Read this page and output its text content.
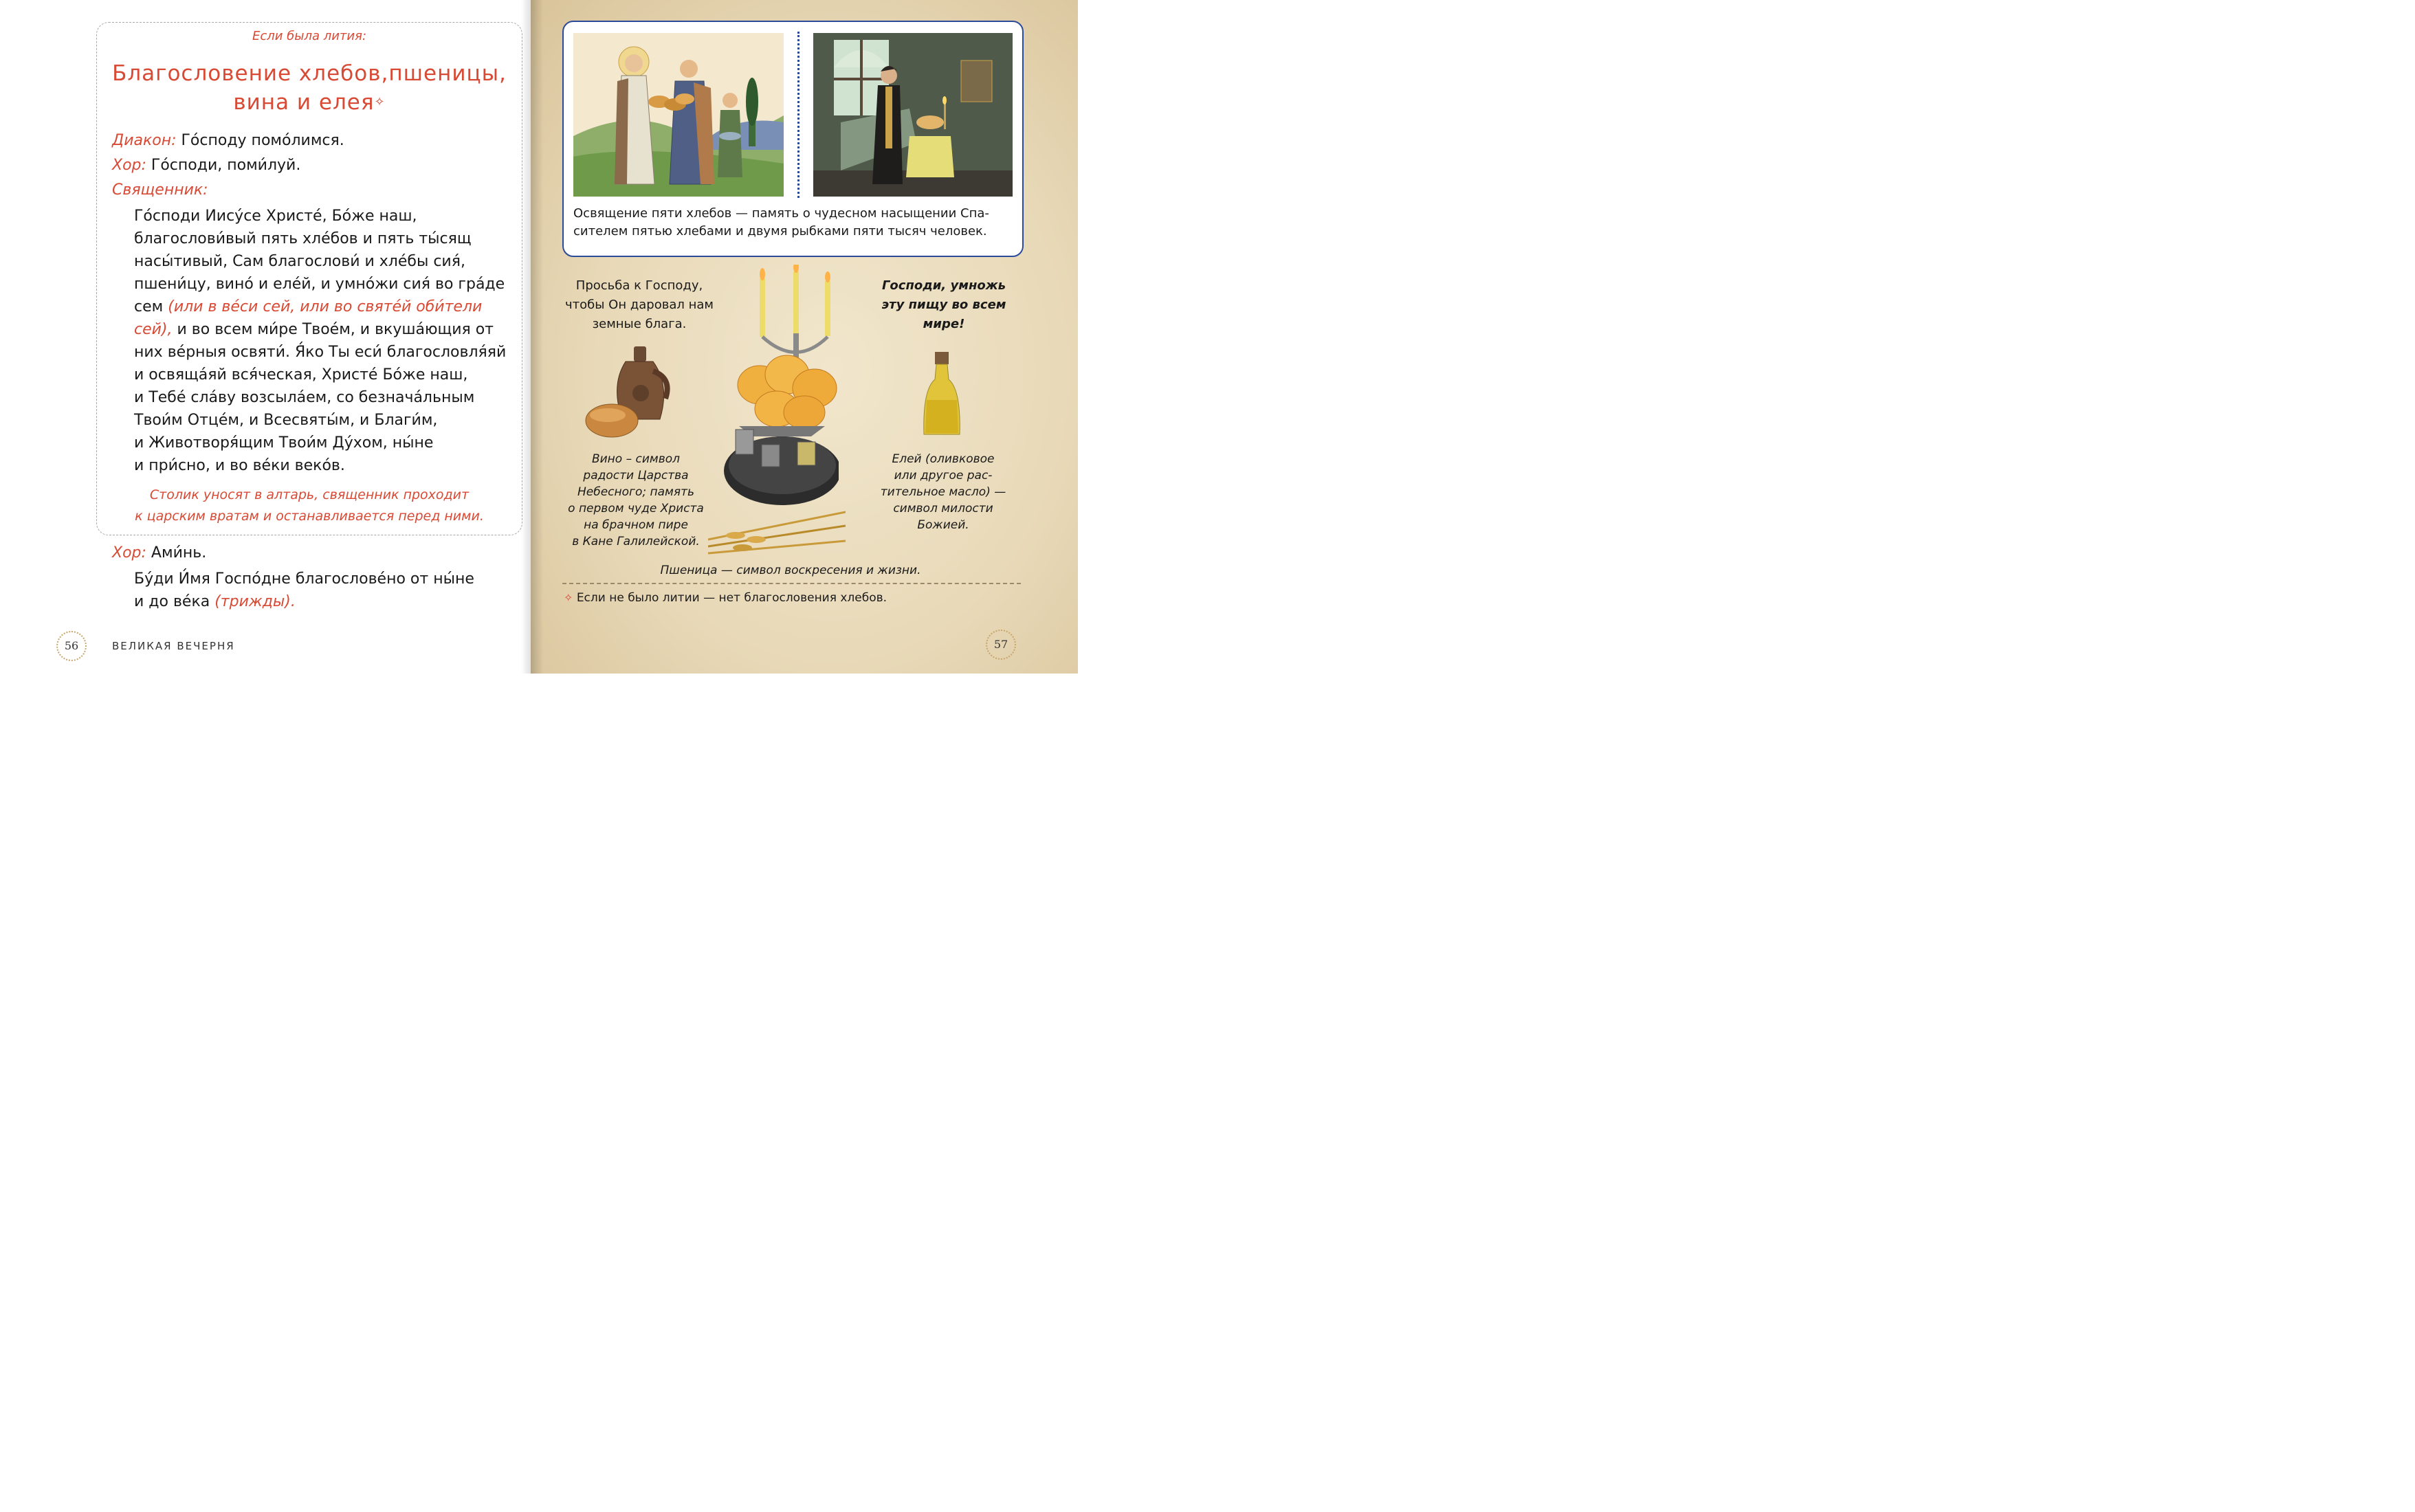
Если была лития:
Благословение хлебов,пшеницы,
вина и елея✧
Диакон: Го́споду помо́лимся.
Хор: Го́споди, поми́луй.
Священник:
Го́споди Иису́се Христе́, Бо́же наш,
благослови́вый пять хле́бов и пять ты́сящ
насы́тивый, Сам благослови́ и хле́бы сия́,
пшени́цу, вино́ и еле́й, и умно́жи сия́ во гра́де
сем (или в ве́си сей, или во святе́й оби́тели
сей), и во всем ми́ре Твое́м, и вкуша́ющия от
них ве́рныя освяти́. Я́ко Ты еси́ благословля́яй
и освяща́яй вся́ческая, Христе́ Бо́же наш,
и Тебе́ сла́ву возсыла́ем, со безнача́льным
Твои́м Отце́м, и Всесвяты́м, и Благи́м,
и Животворя́щим Твои́м Ду́хом, ны́не
и при́сно, и во ве́ки веко́в.
Столик уносят в алтарь, священник проходит
к царским вратам и останавливается перед ними.
Хор: Ами́нь.
Бу́ди И́мя Госпо́дне благослове́но от ны́не
и до ве́ка (трижды).
56	ВЕЛИКАЯ ВЕЧЕРНЯ
Освящение пяти хлебов — память о чудесном насыщении Спа-
сителем пятью хлебами и двумя рыбками пяти тысяч человек.
Просьба к Господу,
чтобы Он даровал нам
земные блага.
Господи, умножь
эту пищу во всем
мире!
Вино – символ
радости Царства
Небесного; память
о первом чуде Христа
на брачном пире
в Кане Галилейской.
Елей (оливковое
или другое рас-
тительное масло) —
символ милости
Божией.
Пшеница — символ воскресения и жизни.
✧ Если не было литии — нет благословения хлебов.
57
